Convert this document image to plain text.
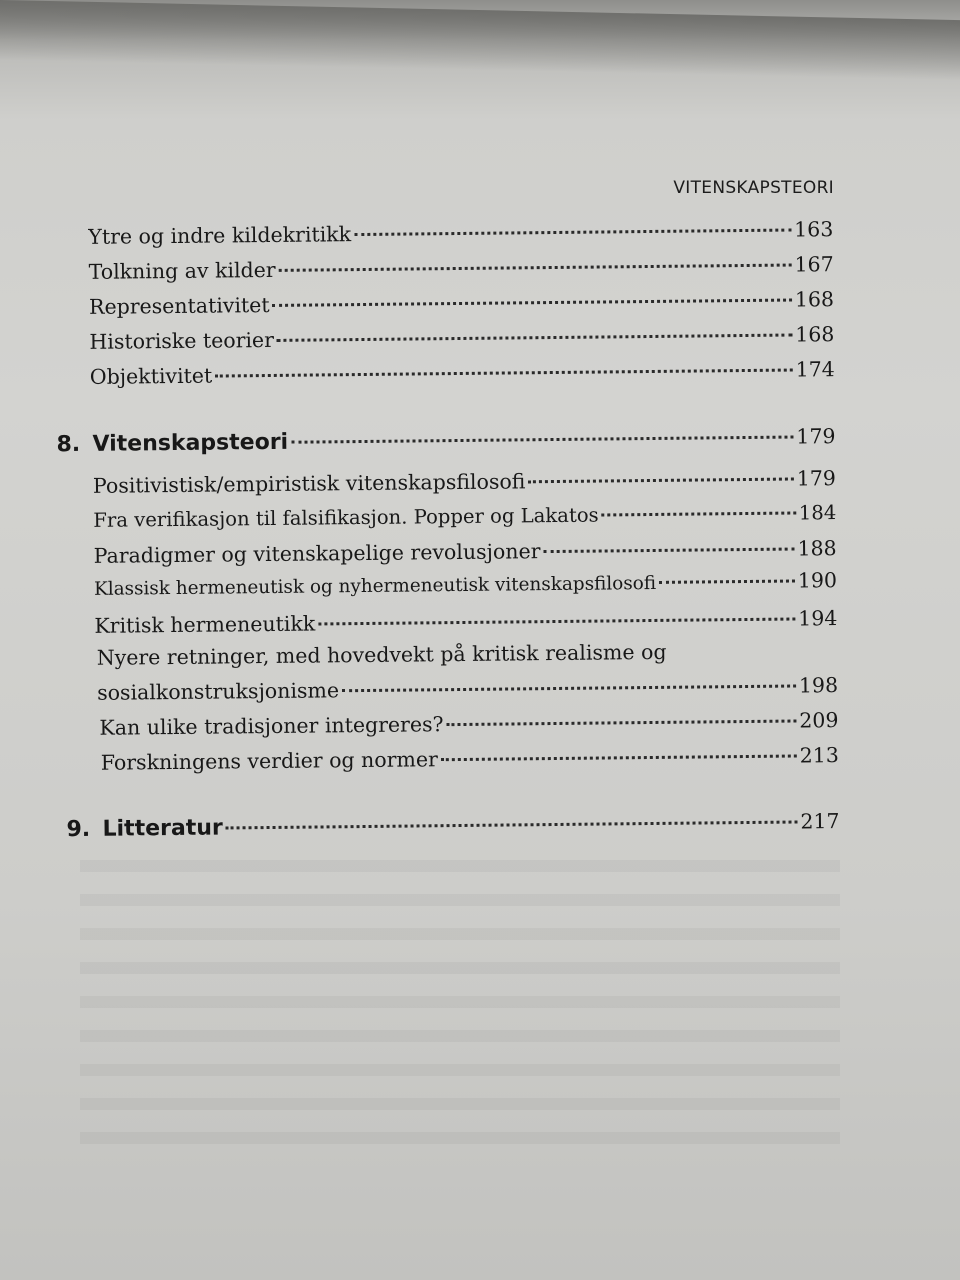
VITENSKAPSTEORI
Ytre og indre kildekritikk	163
Tolkning av kilder	167
Representativitet	168
Historiske teorier	168
Objektivitet	174
8. Vitenskapsteori	179
Positivistisk/empiristisk vitenskapsfilosofi	179
Fra verifikasjon til falsifikasjon. Popper og Lakatos	184
Paradigmer og vitenskapelige revolusjoner	188
Klassisk hermeneutisk og nyhermeneutisk vitenskapsfilosofi	190
Kritisk hermeneutikk	194
Nyere retninger, med hovedvekt på kritisk realisme og
sosialkonstruksjonisme	198
Kan ulike tradisjoner integreres?	209
Forskningens verdier og normer	213
9. Litteratur	217
